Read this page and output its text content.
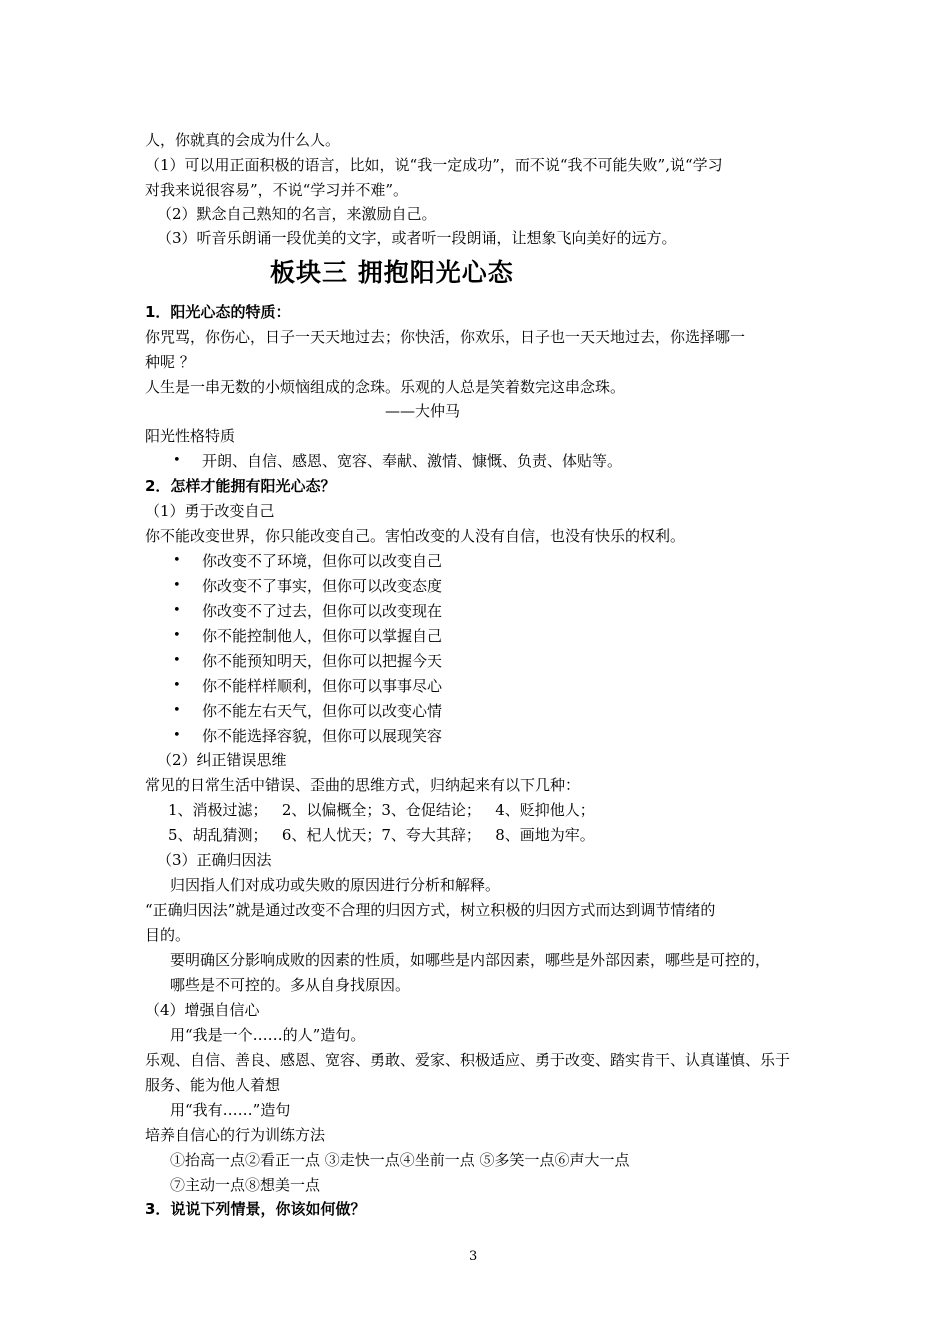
人，你就真的会成为什么人。
（1）可以用正面积极的语言，比如，说“我一定成功”，而不说“我不可能失败”,说“学习
对我来说很容易”，不说“学习并不难”。
（2）默念自己熟知的名言，来激励自己。
（3）听音乐朗诵一段优美的文字，或者听一段朗诵，让想象飞向美好的远方。
板块三 拥抱阳光心态
1．阳光心态的特质：
你咒骂，你伤心，日子一天天地过去；你快活，你欢乐，日子也一天天地过去，你选择哪一
种呢 ？
人生是一串无数的小烦恼组成的念珠。乐观的人总是笑着数完这串念珠。
——大仲马
阳光性格特质
• 开朗、自信、感恩、宽容、奉献、激情、慷慨、负责、体贴等。
2．怎样才能拥有阳光心态？
（1）勇于改变自己
你不能改变世界，你只能改变自己。害怕改变的人没有自信，也没有快乐的权利。
• 你改变不了环境，但你可以改变自己
• 你改变不了事实，但你可以改变态度
• 你改变不了过去，但你可以改变现在
• 你不能控制他人，但你可以掌握自己
• 你不能预知明天，但你可以把握今天
• 你不能样样顺利，但你可以事事尽心
• 你不能左右天气，但你可以改变心情
• 你不能选择容貌，但你可以展现笑容
（2）纠正错误思维
常见的日常生活中错误、歪曲的思维方式，归纳起来有以下几种：
1、消极过滤；   2、以偏概全；3、仓促结论；   4、贬抑他人；
5、胡乱猜测；   6、杞人忧天；7、夸大其辞；   8、画地为牢。
（3）正确归因法
归因指人们对成功或失败的原因进行分析和解释。
“正确归因法”就是通过改变不合理的归因方式，树立积极的归因方式而达到调节情绪的
目的。
要明确区分影响成败的因素的性质，如哪些是内部因素，哪些是外部因素，哪些是可控的，
哪些是不可控的。多从自身找原因。
（4）增强自信心
用“我是一个……的人”造句。
乐观、自信、善良、感恩、宽容、勇敢、爱家、积极适应、勇于改变、踏实肯干、认真谨慎、乐于
服务、能为他人着想
用“我有……”造句
培养自信心的行为训练方法
①抬高一点②看正一点 ③走快一点④坐前一点 ⑤多笑一点⑥声大一点
⑦主动一点⑧想美一点
3．说说下列情景，你该如何做？
3
